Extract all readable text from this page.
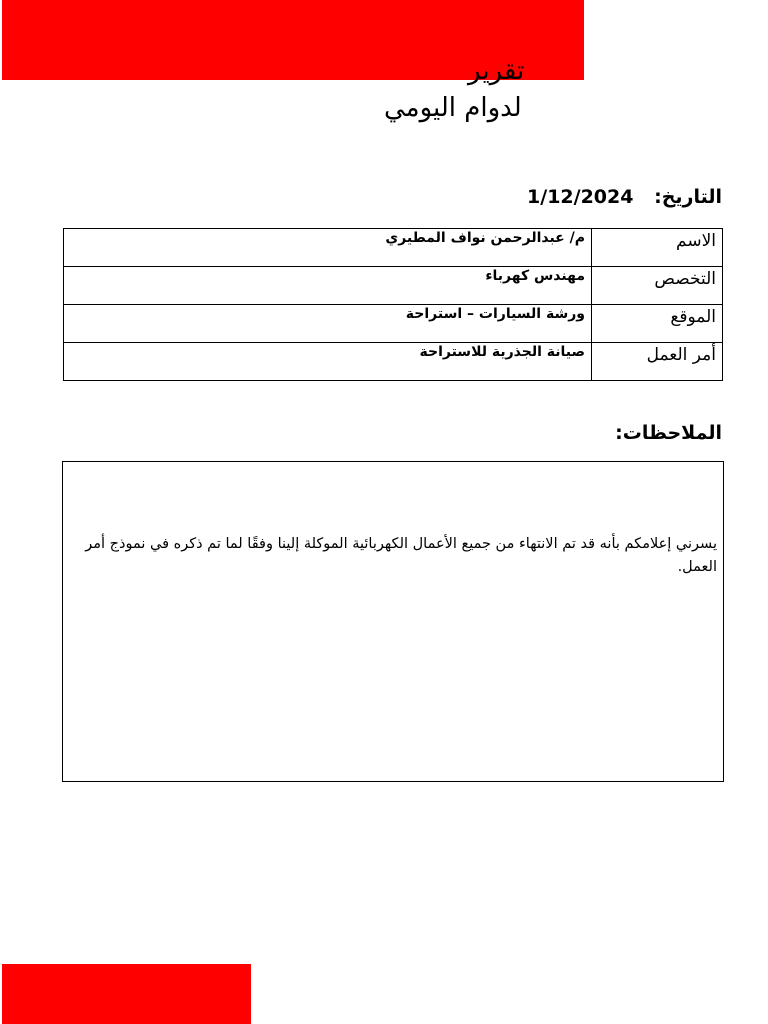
تقرير
لدوام اليومي
التاريخ: 1/12/2024
الاسم	م/ عبدالرحمن نواف المطيري
التخصص	مهندس كهرباء
الموقع	ورشة السيارات – استراحة
أمر العمل	صيانة الجذرية للاستراحة
الملاحظات:
يسرني إعلامكم بأنه قد تم الانتهاء من جميع الأعمال الكهربائية الموكلة إلينا وفقًا لما تم ذكره في نموذج أمر العمل.
